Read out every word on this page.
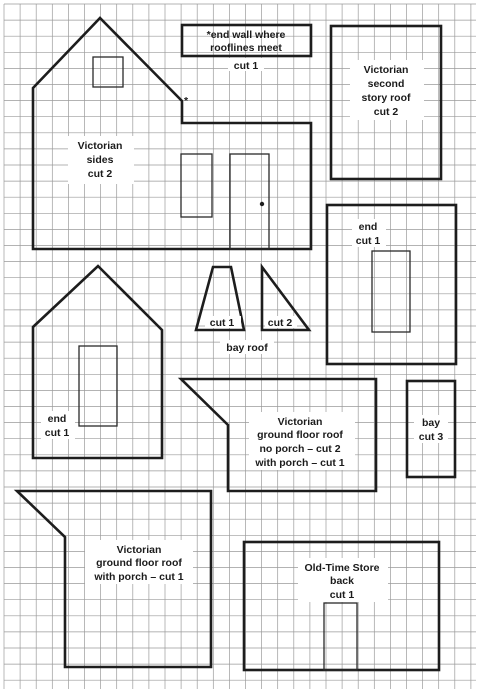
*
Victorian
sides
cut 2
*end wall where
rooflines meet
cut 1	Victorian
second
story roof
cut 2
end
cut 1
cut 1	cut 2
bay roof
end
cut 1
Victorian
ground floor roof
no porch – cut 2
with porch – cut 1
bay
cut 3
Victorian
ground floor roof
with porch – cut 1
Old-Time Store
back
cut 1
